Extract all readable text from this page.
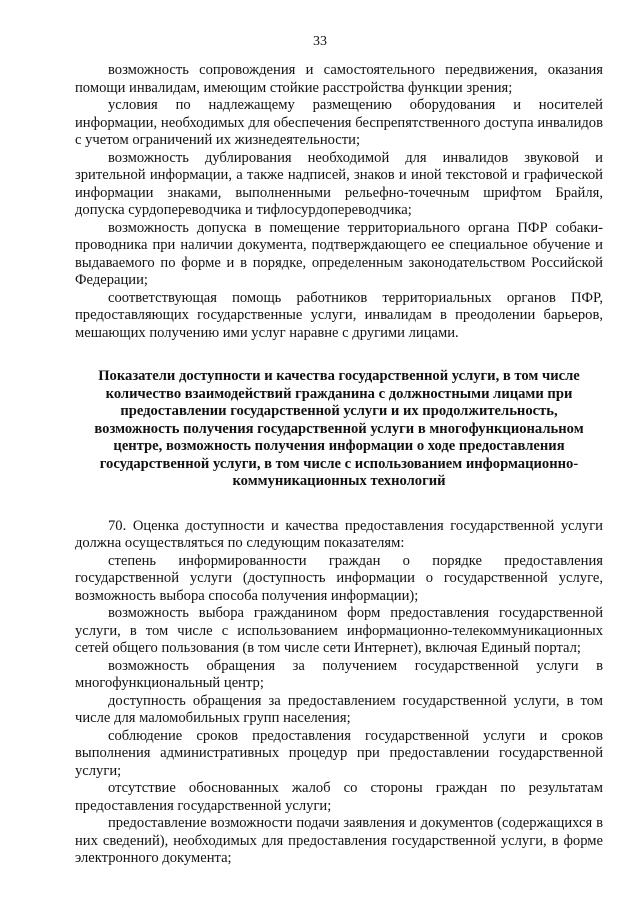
33

возможность сопровождения и самостоятельного передвижения, оказания помощи инвалидам, имеющим стойкие расстройства функции зрения;

условия по надлежащему размещению оборудования и носителей информации, необходимых для обеспечения беспрепятственного доступа инвалидов с учетом ограничений их жизнедеятельности;

возможность дублирования необходимой для инвалидов звуковой и зрительной информации, а также надписей, знаков и иной текстовой и графической информации знаками, выполненными рельефно-точечным шрифтом Брайля, допуска сурдопереводчика и тифлосурдопереводчика;

возможность допуска в помещение территориального органа ПФР собаки-проводника при наличии документа, подтверждающего ее специальное обучение и выдаваемого по форме и в порядке, определенным законодательством Российской Федерации;

соответствующая помощь работников территориальных органов ПФР, предоставляющих государственные услуги, инвалидам в преодолении барьеров, мешающих получению ими услуг наравне с другими лицами.

Показатели доступности и качества государственной услуги, в том числе количество взаимодействий гражданина с должностными лицами при предоставлении государственной услуги и их продолжительность, возможность получения государственной услуги в многофункциональном центре, возможность получения информации о ходе предоставления государственной услуги, в том числе с использованием информационно-коммуникационных технологий

70. Оценка доступности и качества предоставления государственной услуги должна осуществляться по следующим показателям:

степень информированности граждан о порядке предоставления государственной услуги (доступность информации о государственной услуге, возможность выбора способа получения информации);

возможность выбора гражданином форм предоставления государственной услуги, в том числе с использованием информационно-телекоммуникационных сетей общего пользования (в том числе сети Интернет), включая Единый портал;

возможность обращения за получением государственной услуги в многофункциональный центр;

доступность обращения за предоставлением государственной услуги, в том числе для маломобильных групп населения;

соблюдение сроков предоставления государственной услуги и сроков выполнения административных процедур при предоставлении государственной услуги;

отсутствие обоснованных жалоб со стороны граждан по результатам предоставления государственной услуги;

предоставление возможности подачи заявления и документов (содержащихся в них сведений), необходимых для предоставления государственной услуги, в форме электронного документа;
